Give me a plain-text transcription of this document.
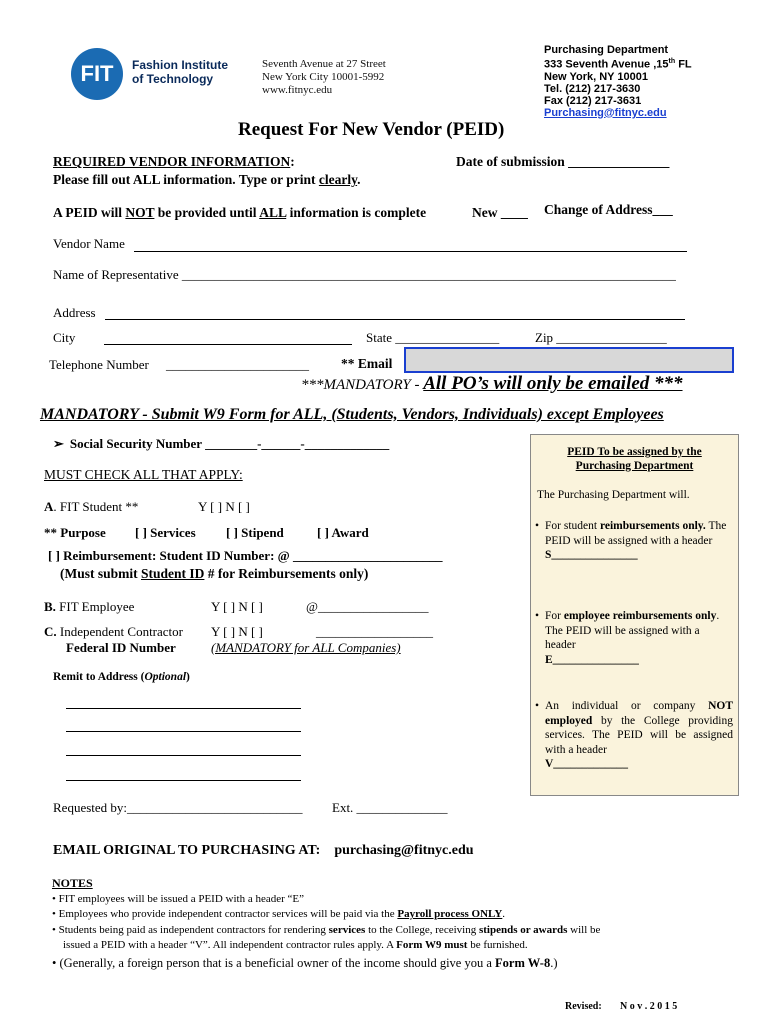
FIT	Fashion Institute
of Technology
Seventh Avenue at 27 Street
New York City 10001-5992
www.fitnyc.edu
Purchasing Department
333 Seventh Avenue ,15th FL
New York, NY 10001
Tel. (212) 217-3630
Fax (212) 217-3631
Purchasing@fitnyc.edu
Request For New Vendor (PEID)
REQUIRED VENDOR INFORMATION:	Date of submission _______________
Please fill out ALL information. Type or print clearly.
A PEID will NOT be provided until ALL information is complete	New ____ Change of Address___
Vendor Name
Name of Representative ____________________________________________________________________________
Address
City	State ________________	Zip _________________
Telephone Number ______________________ ** Email
***MANDATORY - All PO’s will only be emailed ***
MANDATORY - Submit W9 Form for ALL, (Students, Vendors, Individuals) except Employees
➢ Social Security Number ________-______-_____________
MUST CHECK ALL THAT APPLY:
A. FIT Student **	Y [ ] N [ ]
** Purpose [ ] Services [ ] Stipend	[ ] Award
[ ] Reimbursement: Student ID Number: @ _______________________
(Must submit Student ID # for Reimbursements only)
B. FIT Employee	Y [ ] N [ ]	@_________________
C. Independent Contractor Y [ ] N [ ]	__________________
Federal ID Number	(MANDATORY for ALL Companies)
Remit to Address (Optional)
Requested by:___________________________ Ext. ______________
EMAIL ORIGINAL TO PURCHASING AT: purchasing@fitnyc.edu
PEID To be assigned by the
Purchasing Department
The Purchasing Department will.
• For student reimbursements only. The PEID will be assigned with a header
S_______________
• For employee reimbursements only. The PEID will be assigned with a header
E_______________
• An individual or company NOT employed by the College providing services. The PEID will be assigned with a header
V_____________
NOTES
• FIT employees will be issued a PEID with a header “E”
• Employees who provide independent contractor services will be paid via the Payroll process ONLY.
• Students being paid as independent contractors for rendering services to the College, receiving stipends or awards will be
issued a PEID with a header “V”. All independent contractor rules apply. A Form W9 must be furnished.
• (Generally, a foreign person that is a beneficial owner of the income should give you a Form W-8.)
Revised: N o v . 2 0 1 5
